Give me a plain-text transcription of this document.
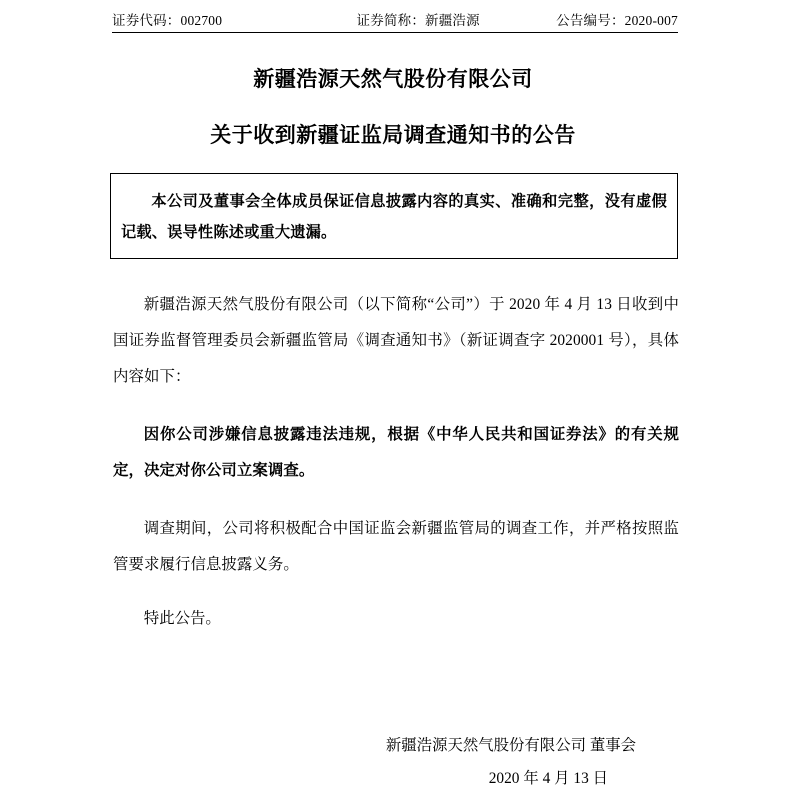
证券代码： 002700	证券简称： 新疆浩源	公告编号： 2020-007
新疆浩源天然气股份有限公司
关于收到新疆证监局调查通知书的公告
本公司及董事会全体成员保证信息披露内容的真实、准确和完整，没有虚假记载、误导性陈述或重大遗漏。

新疆浩源天然气股份有限公司（以下简称“公司”）于 2020 年 4 月 13 日收到中国证券监督管理委员会新疆监管局《调查通知书》（新证调查字 2020001 号），具体内容如下：

因你公司涉嫌信息披露违法违规，根据《中华人民共和国证券法》的有关规定，决定对你公司立案调查。

调查期间，公司将积极配合中国证监会新疆监管局的调查工作，并严格按照监管要求履行信息披露义务。

特此公告。
新疆浩源天然气股份有限公司 董事会
2020 年 4 月 13 日
